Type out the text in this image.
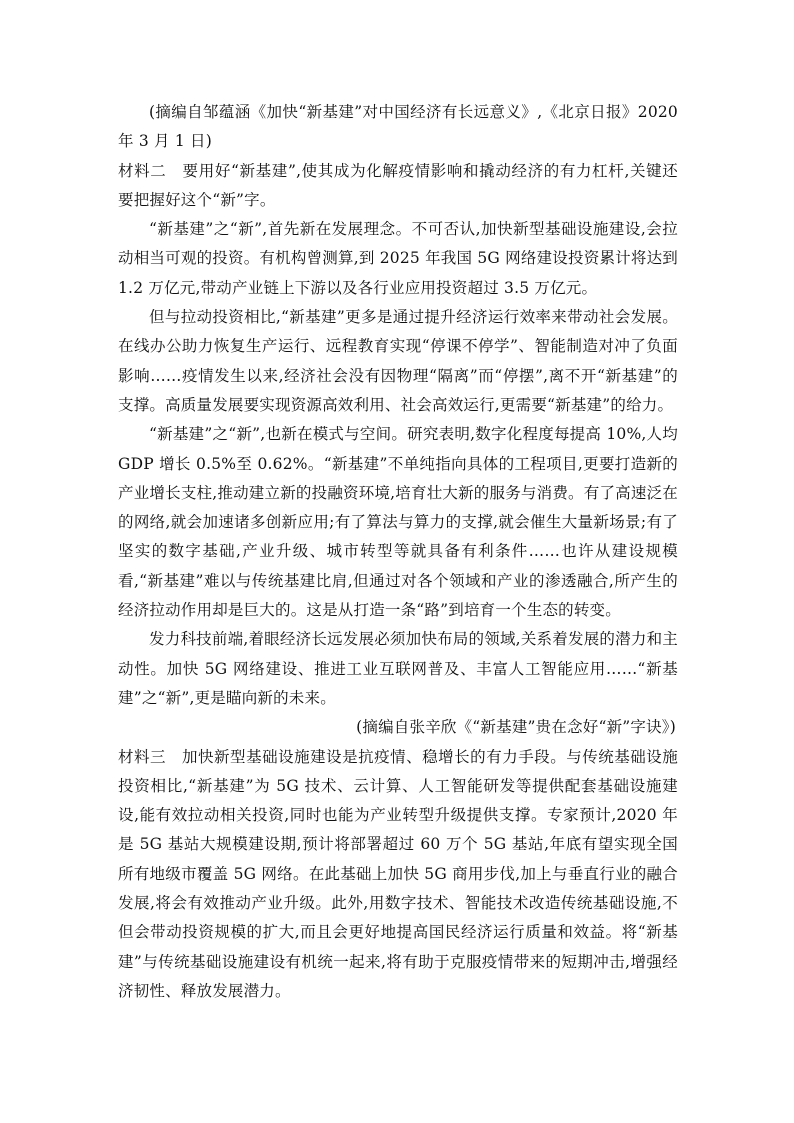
(摘编自邹蕴涵《加快“新基建”对中国经济有长远意义》,《北京日报》2020 年 3 月 1 日)

材料二　要用好“新基建”,使其成为化解疫情影响和撬动经济的有力杠杆,关键还要把握好这个“新”字。

“新基建”之“新”,首先新在发展理念。不可否认,加快新型基础设施建设,会拉动相当可观的投资。有机构曾测算,到 2025 年我国 5G 网络建设投资累计将达到 1.2 万亿元,带动产业链上下游以及各行业应用投资超过 3.5 万亿元。

但与拉动投资相比,“新基建”更多是通过提升经济运行效率来带动社会发展。在线办公助力恢复生产运行、远程教育实现“停课不停学”、智能制造对冲了负面影响……疫情发生以来,经济社会没有因物理“隔离”而“停摆”,离不开“新基建”的支撑。高质量发展要实现资源高效利用、社会高效运行,更需要“新基建”的给力。

“新基建”之“新”,也新在模式与空间。研究表明,数字化程度每提高 10%,人均 GDP 增长 0.5%至 0.62%。“新基建”不单纯指向具体的工程项目,更要打造新的产业增长支柱,推动建立新的投融资环境,培育壮大新的服务与消费。有了高速泛在的网络,就会加速诸多创新应用;有了算法与算力的支撑,就会催生大量新场景;有了坚实的数字基础,产业升级、城市转型等就具备有利条件……也许从建设规模看,“新基建”难以与传统基建比肩,但通过对各个领域和产业的渗透融合,所产生的经济拉动作用却是巨大的。这是从打造一条“路”到培育一个生态的转变。

发力科技前端,着眼经济长远发展必须加快布局的领域,关系着发展的潜力和主动性。加快 5G 网络建设、推进工业互联网普及、丰富人工智能应用……“新基建”之“新”,更是瞄向新的未来。

(摘编自张辛欣《“新基建”贵在念好“新”字诀》)

材料三　加快新型基础设施建设是抗疫情、稳增长的有力手段。与传统基础设施投资相比,“新基建”为 5G 技术、云计算、人工智能研发等提供配套基础设施建设,能有效拉动相关投资,同时也能为产业转型升级提供支撑。专家预计,2020 年是 5G 基站大规模建设期,预计将部署超过 60 万个 5G 基站,年底有望实现全国所有地级市覆盖 5G 网络。在此基础上加快 5G 商用步伐,加上与垂直行业的融合发展,将会有效推动产业升级。此外,用数字技术、智能技术改造传统基础设施,不但会带动投资规模的扩大,而且会更好地提高国民经济运行质量和效益。将“新基建”与传统基础设施建设有机统一起来,将有助于克服疫情带来的短期冲击,增强经济韧性、释放发展潜力。
